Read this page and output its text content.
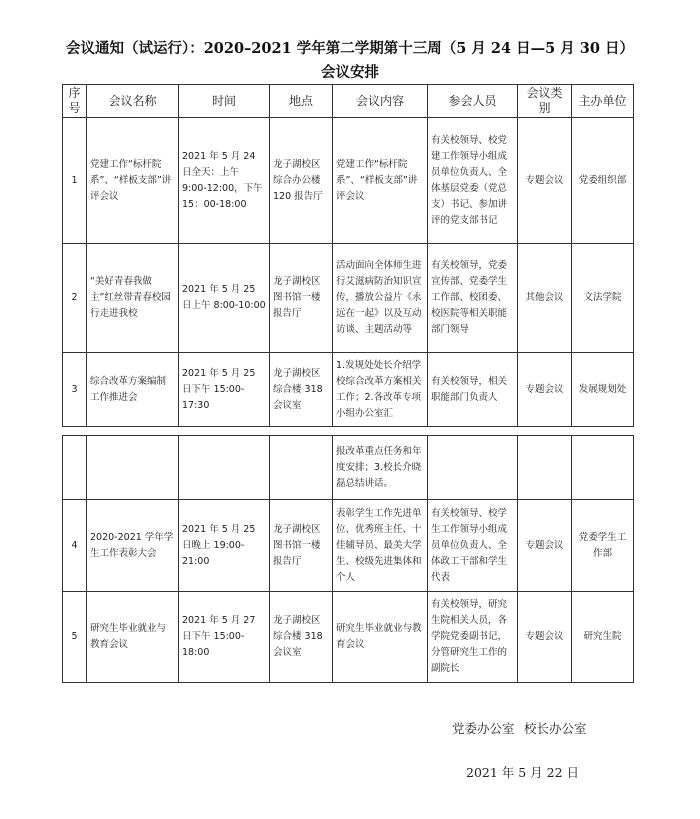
会议通知（试运行）：2020–2021 学年第二学期第十三周（5 月 24 日—5 月 30 日）
会议安排
序号	会议名称	时间	地点	会议内容	参会人员	会议类别	主办单位
1	党建工作“标杆院系”、“样板支部”讲评会议	2021 年 5 月 24 日全天：上午 9:00-12:00，下午 15：00-18:00	龙子湖校区综合办公楼 120 报告厅	党建工作“标杆院系”、“样板支部”讲评会议	有关校领导、校党建工作领导小组成员单位负责人、全体基层党委（党总支）书记、参加讲评的党支部书记	专题会议	党委组织部
2	“美好青春我做主”红丝带青春校园行走进我校	2021 年 5 月 25 日上午 8:00-10:00	龙子湖校区图书馆一楼报告厅	活动面向全体师生进行艾滋病防治知识宣传，播放公益片《永远在一起》以及互动访谈、主题活动等	有关校领导，党委宣传部、党委学生工作部、校团委、校医院等相关职能部门领导	其他会议	文法学院
3	综合改革方案编制工作推进会	2021 年 5 月 25 日下午 15:00-17:30	龙子湖校区综合楼 318 会议室	1.发规处处长介绍学校综合改革方案相关工作；2.各改革专项小组办公室汇	有关校领导，相关职能部门负责人	专题会议	发展规划处
				报改革重点任务和年度安排；3.校长介晓磊总结讲话。			
4	2020-2021 学年学生工作表彰大会	2021 年 5 月 25 日晚上 19:00-21:00	龙子湖校区图书馆一楼报告厅	表彰学生工作先进单位、优秀班主任、十佳辅导员、最美大学生、校级先进集体和个人	有关校领导、校学生工作领导小组成员单位负责人、全体政工干部和学生代表	专题会议	党委学生工作部
5	研究生毕业就业与教育会议	2021 年 5 月 27 日下午 15:00-18:00	龙子湖校区综合楼 318 会议室	研究生毕业就业与教育会议	有关校领导，研究生院相关人员，各学院党委副书记，分管研究生工作的副院长	专题会议	研究生院
党委办公室 校长办公室
2021 年 5 月 22 日
